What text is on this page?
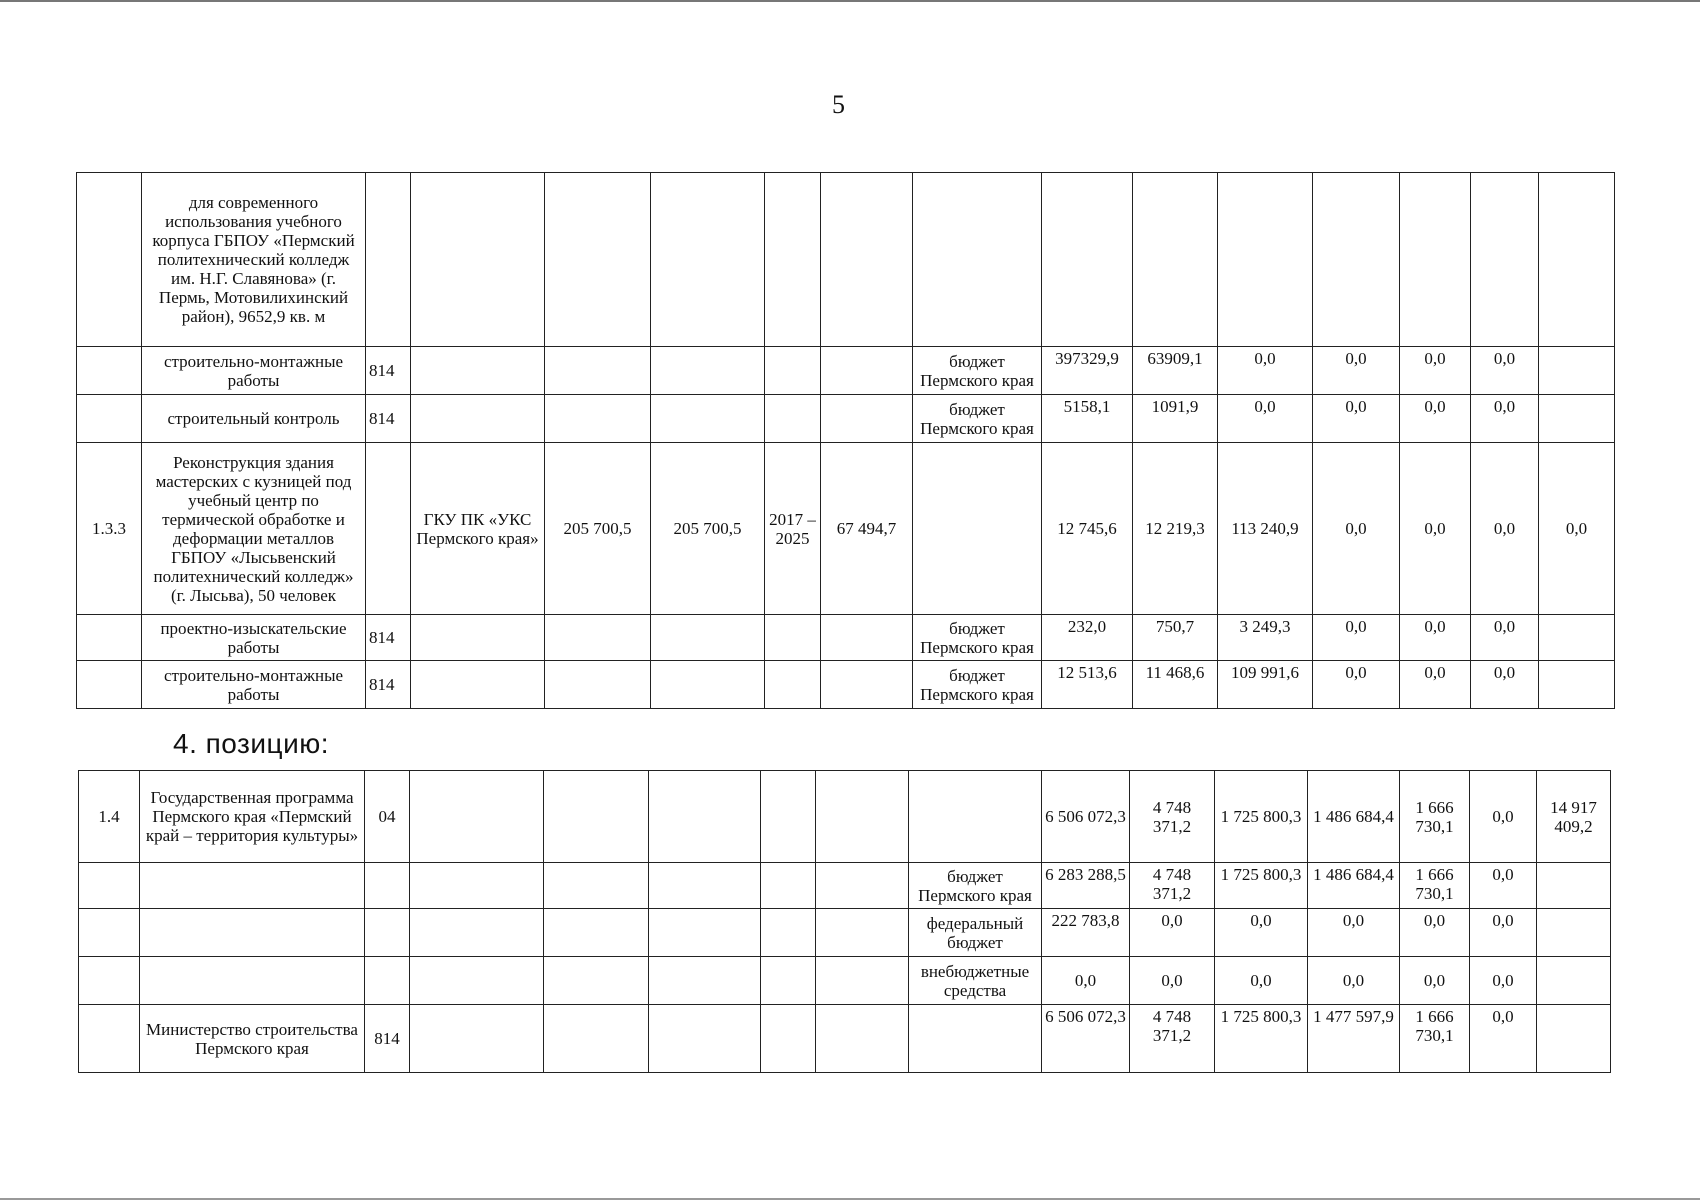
5
	для современного использования учебного корпуса ГБПОУ «Пермский политехнический колледж им. Н.Г. Славянова» (г. Пермь, Мотовилихинский район), 9652,9 кв. м														
	строительно-монтажные работы	814						бюджет Пермского края	397329,9	63909,1	0,0	0,0	0,0	0,0	
	строительный контроль	814						бюджет Пермского края	5158,1	1091,9	0,0	0,0	0,0	0,0	
1.3.3	Реконструкция здания мастерских с кузницей под учебный центр по термической обработке и деформации металлов ГБПОУ «Лысьвенский политехнический колледж» (г. Лысьва), 50 человек		ГКУ ПК «УКС Пермского края»	205 700,5	205 700,5	2017 – 2025	67 494,7		12 745,6	12 219,3	113 240,9	0,0	0,0	0,0	0,0
	проектно-изыскательские работы	814						бюджет Пермского края	232,0	750,7	3 249,3	0,0	0,0	0,0	
	строительно-монтажные работы	814						бюджет Пермского края	12 513,6	11 468,6	109 991,6	0,0	0,0	0,0	
4. позицию:
1.4	Государственная программа Пермского края «Пермский край – территория культуры»	04							6 506 072,3	4 748 371,2	1 725 800,3	1 486 684,4	1 666 730,1	0,0	14 917 409,2
								бюджет Пермского края	6 283 288,5	4 748 371,2	1 725 800,3	1 486 684,4	1 666 730,1	0,0	
								федеральный бюджет	222 783,8	0,0	0,0	0,0	0,0	0,0	
								внебюджетные средства	0,0	0,0	0,0	0,0	0,0	0,0	
	Министерство строительства Пермского края	814							6 506 072,3	4 748 371,2	1 725 800,3	1 477 597,9	1 666 730,1	0,0	
